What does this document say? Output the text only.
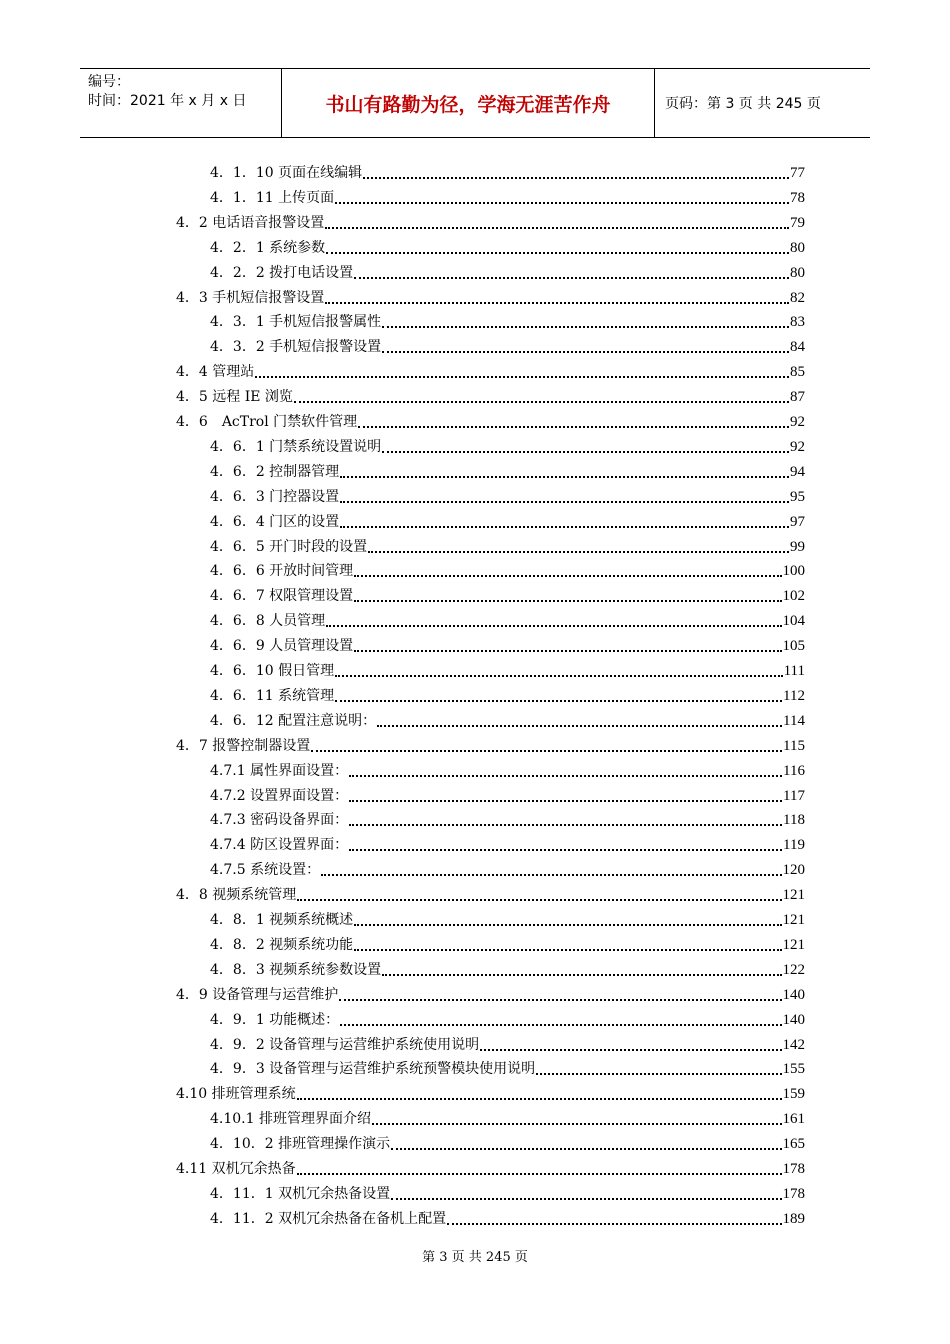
编号：
时间：2021 年 x 月 x 日	书山有路勤为径，学海无涯苦作舟	页码：第 3 页 共 245 页
4．1．10 页面在线编辑	77
4．1．11 上传页面	78
4．2 电话语音报警设置	79
4．2．1 系统参数	80
4．2．2 拨打电话设置	80
4．3 手机短信报警设置	82
4．3．1 手机短信报警属性	83
4．3．2 手机短信报警设置	84
4．4 管理站	85
4．5 远程 IE 浏览	87
4．6　AcTrol 门禁软件管理	92
4．6．1 门禁系统设置说明	92
4．6．2 控制器管理	94
4．6．3 门控器设置	95
4．6．4 门区的设置	97
4．6．5 开门时段的设置	99
4．6．6 开放时间管理	100
4．6．7 权限管理设置	102
4．6．8 人员管理	104
4．6．9 人员管理设置	105
4．6．10 假日管理	111
4．6．11 系统管理	112
4．6．12 配置注意说明：	114
4．7 报警控制器设置	115
4.7.1 属性界面设置：	116
4.7.2 设置界面设置：	117
4.7.3 密码设备界面：	118
4.7.4 防区设置界面：	119
4.7.5 系统设置：	120
4．8 视频系统管理	121
4．8．1 视频系统概述	121
4．8．2 视频系统功能	121
4．8．3 视频系统参数设置	122
4．9 设备管理与运营维护	140
4．9．1 功能概述：	140
4．9．2 设备管理与运营维护系统使用说明	142
4．9．3 设备管理与运营维护系统预警模块使用说明	155
4.10 排班管理系统	159
4.10.1 排班管理界面介绍	161
4．10．2 排班管理操作演示	165
4.11 双机冗余热备	178
4．11．1 双机冗余热备设置	178
4．11．2 双机冗余热备在备机上配置	189
第 3 页 共 245 页
